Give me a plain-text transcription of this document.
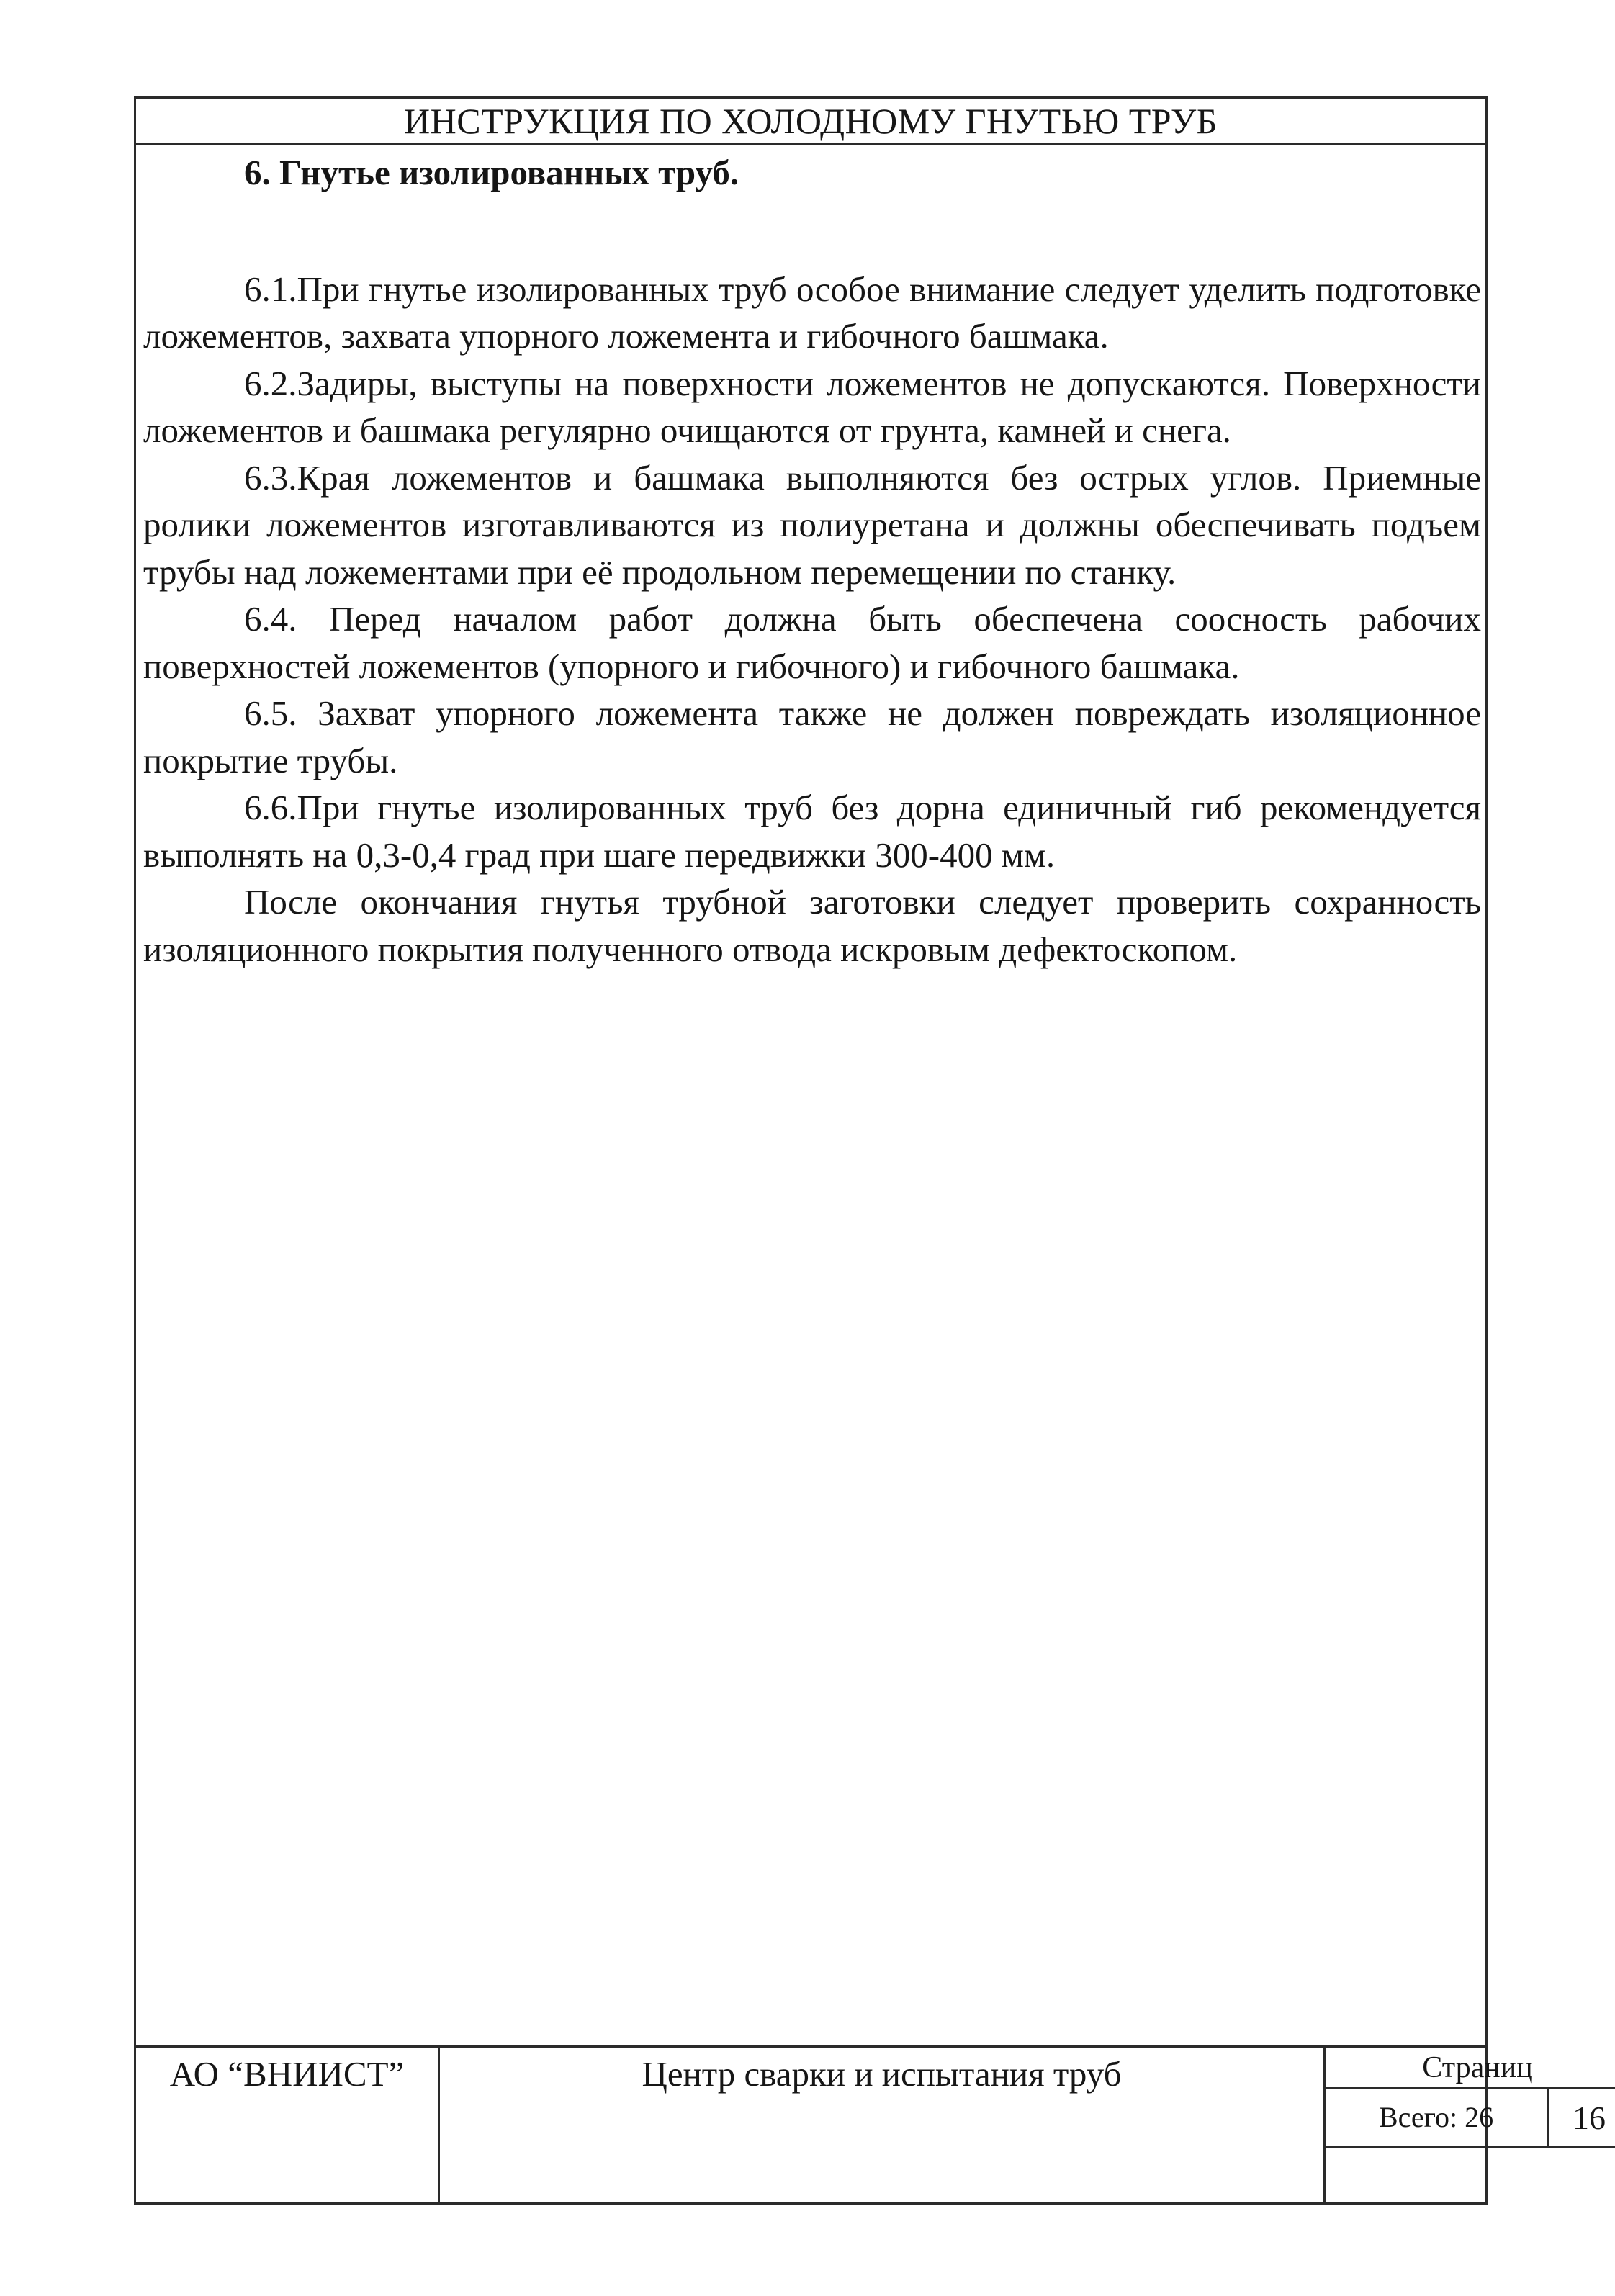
ИНСТРУКЦИЯ ПО ХОЛОДНОМУ ГНУТЬЮ ТРУБ

6. Гнутье изолированных труб.

6.1.При гнутье изолированных труб особое внимание следует уделить подготовке ложементов, захвата упорного ложемента и гибочного башмака.

6.2.Задиры, выступы на поверхности ложементов не допускаются. Поверхности ложементов и башмака регулярно очищаются от грунта, камней и снега.

6.3.Края ложементов и башмака выполняются без острых углов. Приемные ролики ложементов изготавливаются из полиуретана и должны обеспечивать подъем трубы над ложементами при её продольном перемещении по станку.

6.4. Перед началом работ должна быть обеспечена соосность рабочих поверхностей ложементов (упорного и гибочного) и гибочного башмака.

6.5. Захват упорного ложемента также не должен повреждать изоляционное покрытие трубы.

6.6.При гнутье изолированных труб без дорна единичный гиб рекомендуется выполнять на 0,3-0,4 град при шаге передвижки 300-400 мм.

После окончания гнутья трубной заготовки следует проверить сохранность изоляционного покрытия полученного отвода искровым дефектоскопом.

АО “ВНИИСТ”	Центр сварки и испытания труб	Страниц
Всего: 26	16
